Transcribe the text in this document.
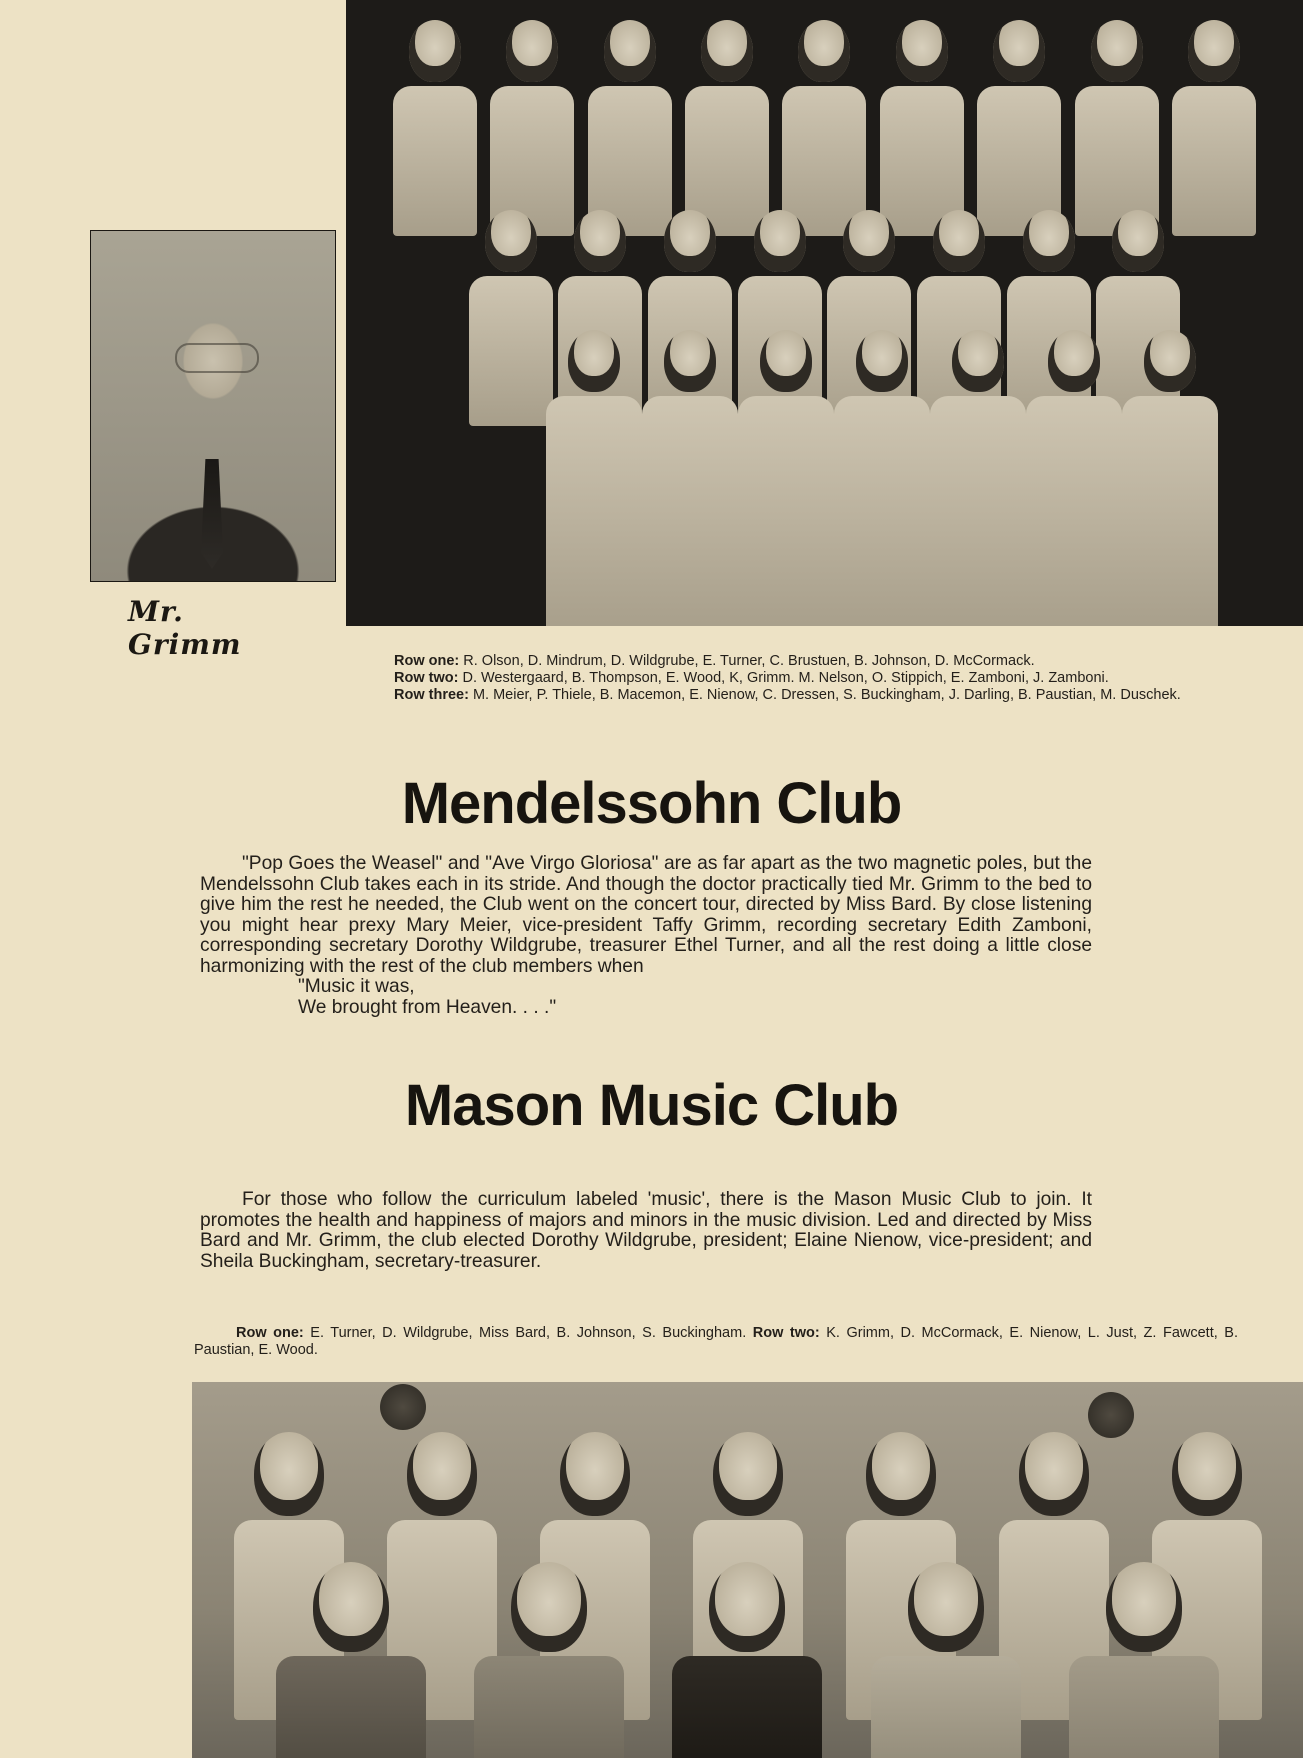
Mr. Grimm	Row one: R. Olson, D. Mindrum, D. Wildgrube, E. Turner, C. Brustuen, B. Johnson, D. McCormack.

Row two: D. Westergaard, B. Thompson, E. Wood, K, Grimm. M. Nelson, O. Stippich, E. Zamboni, J. Zamboni.

Row three: M. Meier, P. Thiele, B. Macemon, E. Nienow, C. Dressen, S. Buckingham, J. Darling, B. Paustian, M. Duschek.

Mendelssohn Club

"Pop Goes the Weasel" and "Ave Virgo Gloriosa" are as far apart as the two magnetic poles, but the Mendelssohn Club takes each in its stride. And though the doctor practically tied Mr. Grimm to the bed to give him the rest he needed, the Club went on the concert tour, directed by Miss Bard. By close listening you might hear prexy Mary Meier, vice-president Taffy Grimm, recording secretary Edith Zamboni, corresponding secretary Dorothy Wildgrube, treasurer Ethel Turner, and all the rest doing a little close harmonizing with the rest of the club members when

"Music it was,

We brought from Heaven. . . ."

Mason Music Club

For those who follow the curriculum labeled 'music', there is the Mason Music Club to join. It promotes the health and happiness of majors and minors in the music division. Led and directed by Miss Bard and Mr. Grimm, the club elected Dorothy Wildgrube, president; Elaine Nienow, vice-president; and Sheila Buckingham, secretary-treasurer.

Row one: E. Turner, D. Wildgrube, Miss Bard, B. Johnson, S. Buckingham. Row two: K. Grimm, D. McCormack, E. Nienow, L. Just, Z. Fawcett, B. Paustian, E. Wood.
